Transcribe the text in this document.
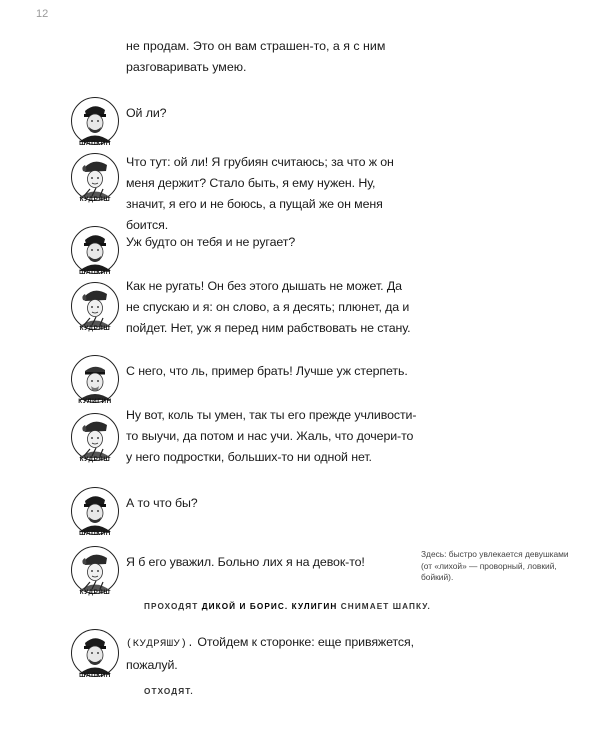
12
не продам. Это он вам страшен-то, а я с ним разговаривать умею.
ШАПКИН
Ой ли?
КУДРЯШ
Что тут: ой ли! Я грубиян считаюсь; за что ж он меня держит? Стало быть, я ему нужен. Ну, значит, я его и не боюсь, а пущай же он меня боится.
ШАПКИН
Уж будто он тебя и не ругает?
КУДРЯШ
Как не ругать! Он без этого дышать не может. Да не спускаю и я: он слово, а я десять; плюнет, да и пойдет. Нет, уж я перед ним рабствовать не стану.
КУЛИГИН
С него, что ль, пример брать! Лучше уж стерпеть.
КУДРЯШ
Ну вот, коль ты умен, так ты его прежде учливости-то выучи, да потом и нас учи. Жаль, что дочери-то у него подростки, больших-то ни одной нет.
ШАПКИН
А то что бы?
КУДРЯШ
Я б его уважил. Больно лих я на девок-то!
Здесь: быстро увлекается девушками (от «лихой» — проворный, ловкий, бойкий).
ПРОХОДЯТ ДИКОЙ И БОРИС. КУЛИГИН СНИМАЕТ ШАПКУ.
ШАПКИН
(КУДРЯШУ). Отойдем к сторонке: еще привяжется, пожалуй.
ОТХОДЯТ.
